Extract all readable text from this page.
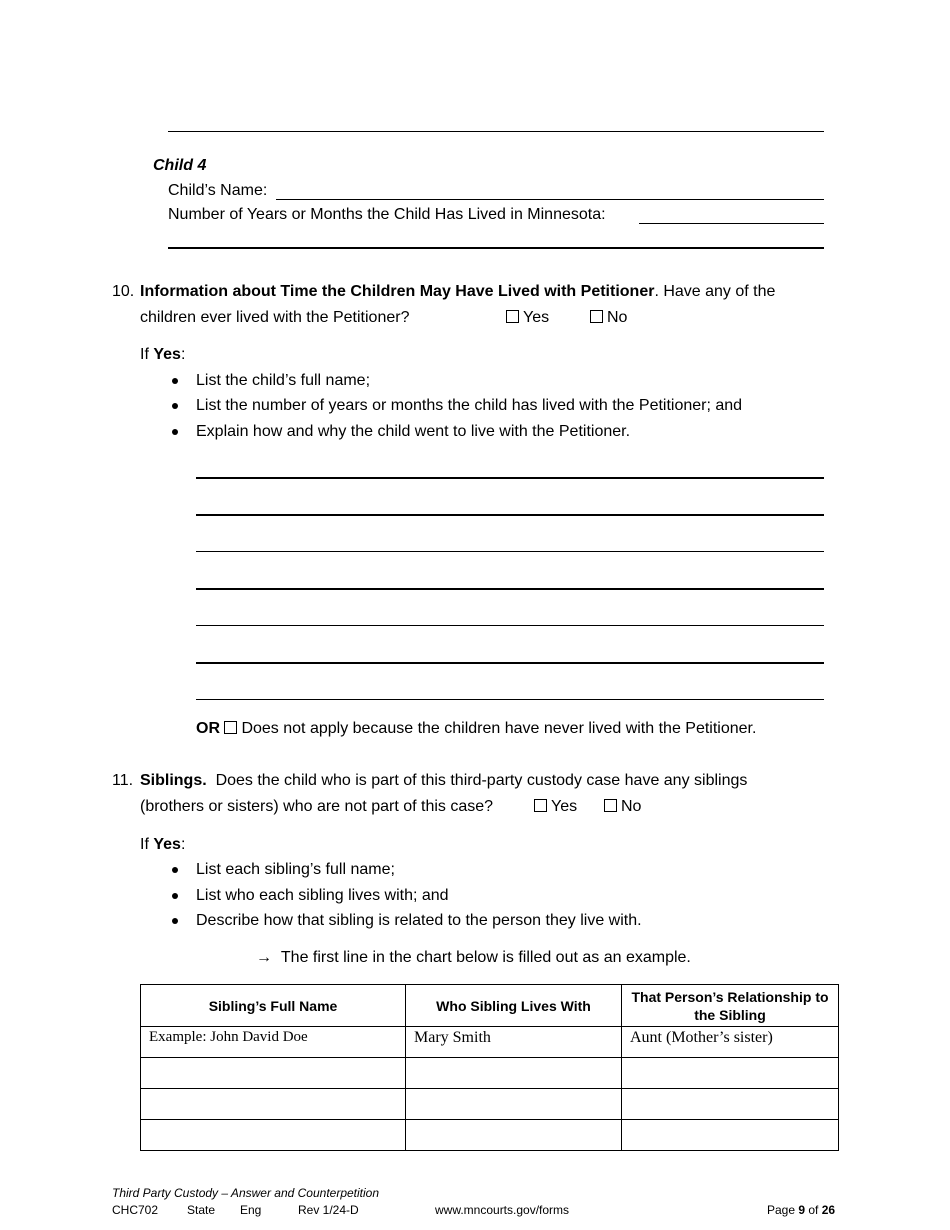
Child 4
Child’s Name:
Number of Years or Months the Child Has Lived in Minnesota:
10. Information about Time the Children May Have Lived with Petitioner. Have any of the
children ever lived with the Petitioner?	Yes	No
If Yes:
List the child’s full name;
List the number of years or months the child has lived with the Petitioner; and
Explain how and why the child went to live with the Petitioner.
OR Does not apply because the children have never lived with the Petitioner.
11. Siblings. Does the child who is part of this third-party custody case have any siblings
(brothers or sisters) who are not part of this case?	Yes	No
If Yes:
List each sibling’s full name;
List who each sibling lives with; and
Describe how that sibling is related to the person they live with.
→ The first line in the chart below is filled out as an example.
Sibling’s Full Name	Who Sibling Lives With	That Person’s Relationship to the Sibling
Example: John David Doe	Mary Smith	Aunt (Mother’s sister)

Third Party Custody – Answer and Counterpetition
CHC702 State Eng	Rev 1/24-D	www.mncourts.gov/forms	Page 9 of 26
